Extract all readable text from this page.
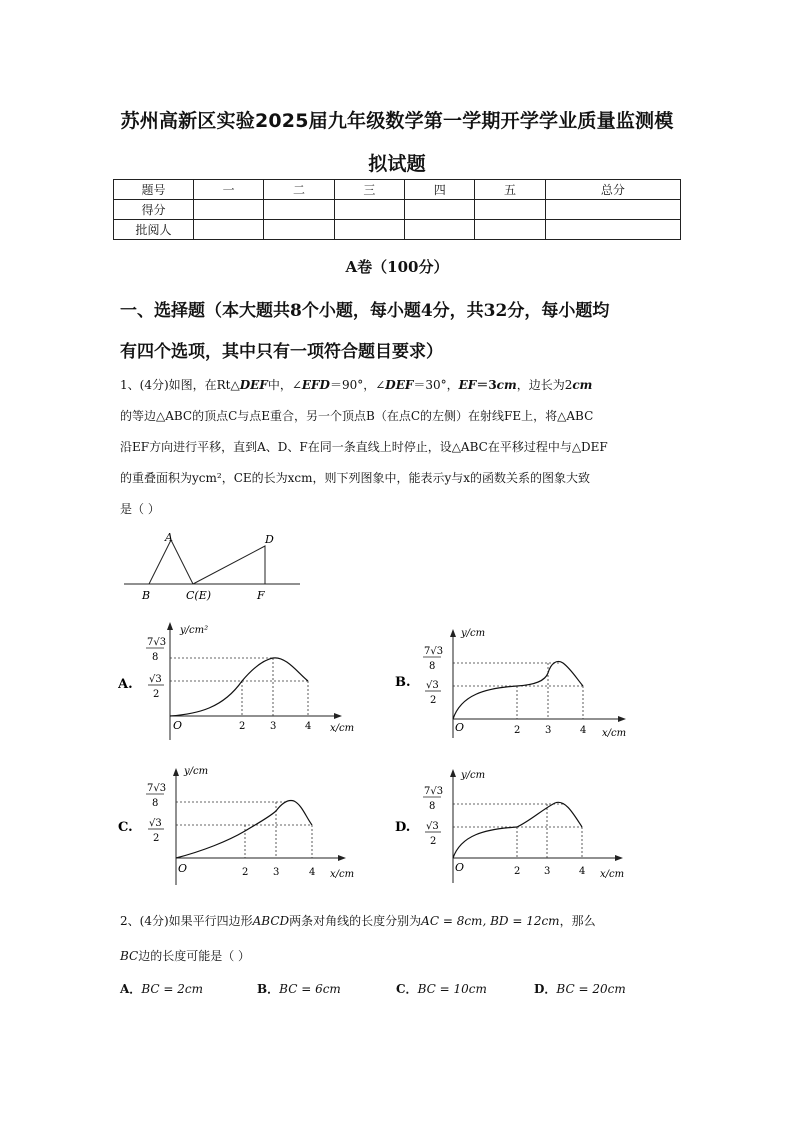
苏州高新区实验2025届九年级数学第一学期开学学业质量监测模
拟试题
题号	一	二	三	四	五	总分
得分						
批阅人						
A卷（100分）
一、选择题（本大题共8个小题，每小题4分，共32分，每小题均
有四个选项，其中只有一项符合题目要求）
1、(4分)如图，在Rt△DEF中，∠EFD＝90°，∠DEF＝30°，EF＝3cm，边长为2cm
的等边△ABC的顶点C与点E重合，另一个顶点B（在点C的左侧）在射线FE上，将△ABC
沿EF方向进行平移，直到A、D、F在同一条直线上时停止，设△ABC在平移过程中与△DEF
的重叠面积为ycm²，CE的长为xcm，则下列图象中，能表示y与x的函数关系的图象大致
是（ ）
A	D
B	C(E)	F
A.
y/cm²
7√3
8
√3
2
O	2 3	4 x/cm
B.
y/cm
7√3
8
√3
2
O	2 3	4 x/cm
C.
y/cm
7√3
8
√3
2
O	2 3	4 x/cm
D.
y/cm
7√3
8
√3
2
O	2 3	4 x/cm
2、(4分)如果平行四边形ABCD两条对角线的长度分别为AC = 8cm, BD = 12cm，那么
BC边的长度可能是（ ）
A．BC = 2cm	B．BC = 6cm	C．BC = 10cm	D．BC = 20cm
